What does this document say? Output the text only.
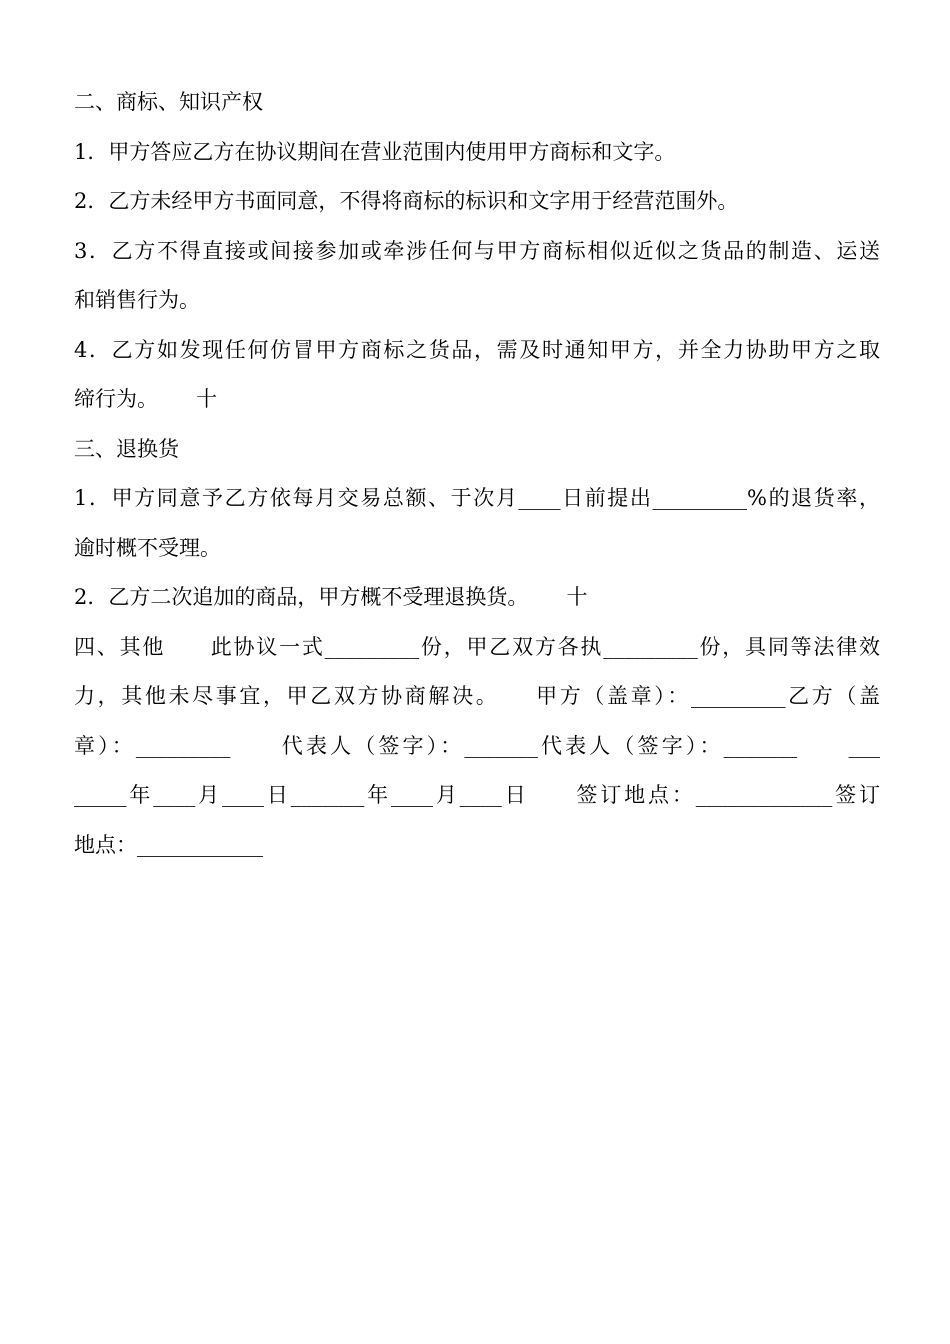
二、商标、知识产权
1．甲方答应乙方在协议期间在营业范围内使用甲方商标和文字。
2．乙方未经甲方书面同意，不得将商标的标识和文字用于经营范围外。
3．乙方不得直接或间接参加或牵涉任何与甲方商标相似近似之货品的制造、运送
和销售行为。
4．乙方如发现任何仿冒甲方商标之货品，需及时通知甲方，并全力协助甲方之取
缔行为。　　 十
三、退换货
1．甲方同意予乙方依每月交易总额、于次月____日前提出_________%的退货率，
逾时概不受理。
2．乙方二次追加的商品，甲方概不受理退换货。　　 十
四、其他　　此协议一式_________份，甲乙双方各执_________份，具同等法律效
力，其他未尽事宜，甲乙双方协商解决。　　甲方（盖章）：_________乙方（盖
章）：_________　　代表人（签字）：_______代表人（签字）：_______　　___
_____年____月____日_______年____月____日　　签订地点：_____________签订
地点：____________
